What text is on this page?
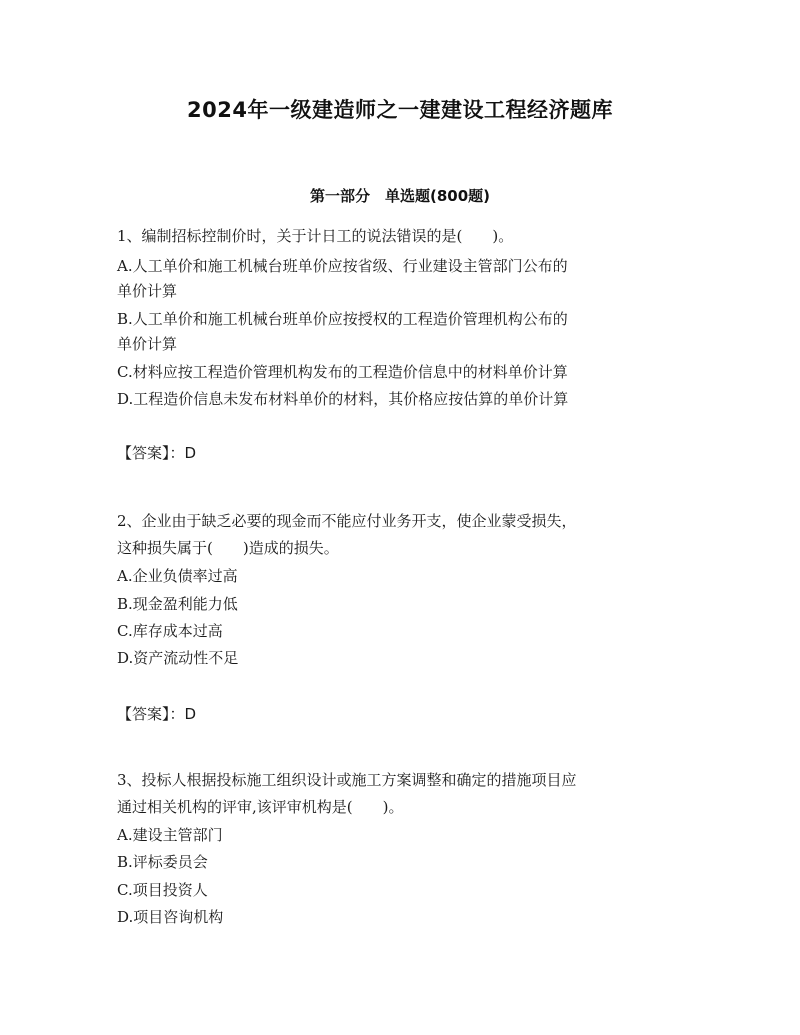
2024年一级建造师之一建建设工程经济题库
第一部分　单选题(800题)
1、编制招标控制价时，关于计日工的说法错误的是(　　)。
A.人工单价和施工机械台班单价应按省级、行业建设主管部门公布的
单价计算
B.人工单价和施工机械台班单价应按授权的工程造价管理机构公布的
单价计算
C.材料应按工程造价管理机构发布的工程造价信息中的材料单价计算
D.工程造价信息未发布材料单价的材料，其价格应按估算的单价计算
【答案】：D
2、企业由于缺乏必要的现金而不能应付业务开支，使企业蒙受损失，
这种损失属于(　　)造成的损失。
A.企业负债率过高
B.现金盈利能力低
C.库存成本过高
D.资产流动性不足
【答案】：D
3、投标人根据投标施工组织设计或施工方案调整和确定的措施项目应
通过相关机构的评审,该评审机构是(　　)。
A.建设主管部门
B.评标委员会
C.项目投资人
D.项目咨询机构
